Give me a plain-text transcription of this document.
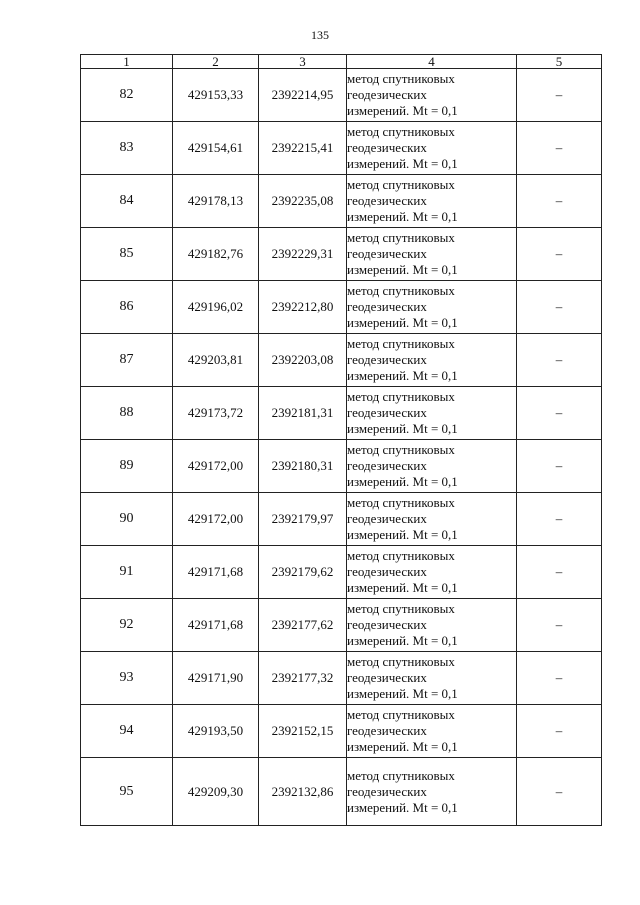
135
1	2	3	4	5
82	429153,33	2392214,95	метод спутниковых
геодезических
измерений. Mt = 0,1	–
83	429154,61	2392215,41	метод спутниковых
геодезических
измерений. Mt = 0,1	–
84	429178,13	2392235,08	метод спутниковых
геодезических
измерений. Mt = 0,1	–
85	429182,76	2392229,31	метод спутниковых
геодезических
измерений. Mt = 0,1	–
86	429196,02	2392212,80	метод спутниковых
геодезических
измерений. Mt = 0,1	–
87	429203,81	2392203,08	метод спутниковых
геодезических
измерений. Mt = 0,1	–
88	429173,72	2392181,31	метод спутниковых
геодезических
измерений. Mt = 0,1	–
89	429172,00	2392180,31	метод спутниковых
геодезических
измерений. Mt = 0,1	–
90	429172,00	2392179,97	метод спутниковых
геодезических
измерений. Mt = 0,1	–
91	429171,68	2392179,62	метод спутниковых
геодезических
измерений. Mt = 0,1	–
92	429171,68	2392177,62	метод спутниковых
геодезических
измерений. Mt = 0,1	–
93	429171,90	2392177,32	метод спутниковых
геодезических
измерений. Mt = 0,1	–
94	429193,50	2392152,15	метод спутниковых
геодезических
измерений. Mt = 0,1	–
95	429209,30	2392132,86	метод спутниковых
геодезических
измерений. Mt = 0,1	–
